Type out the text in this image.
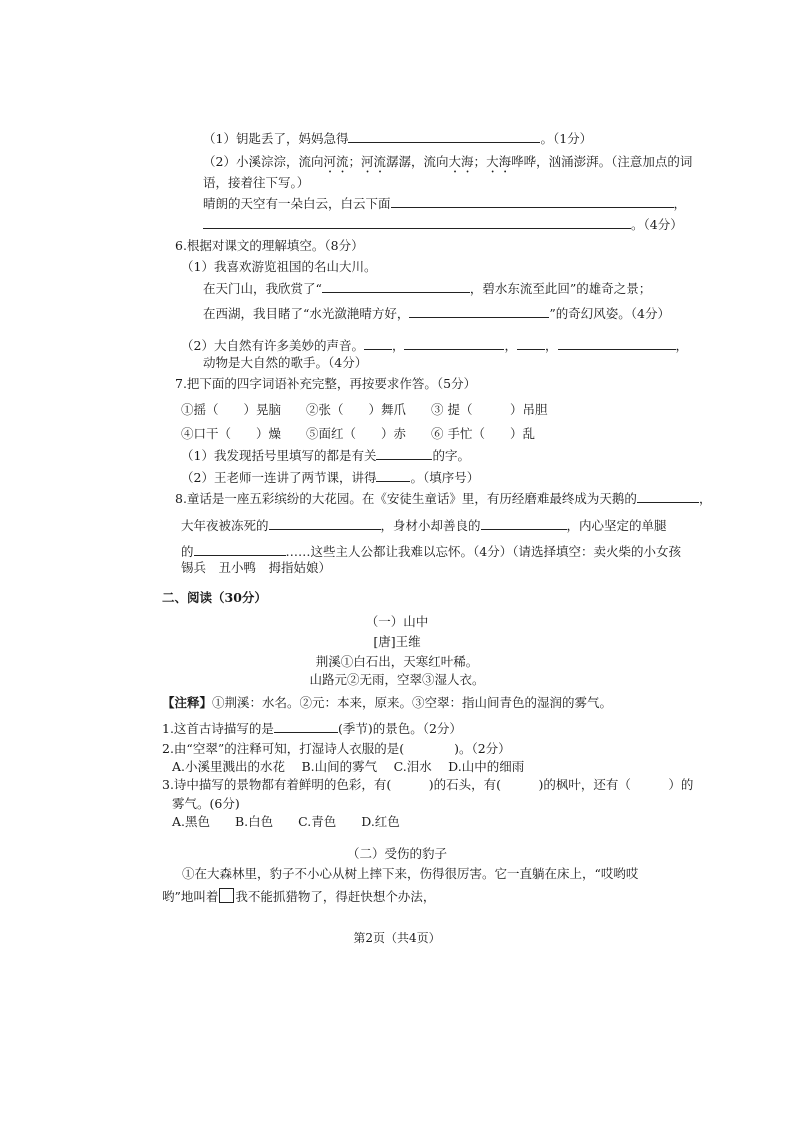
（1）钥匙丢了，妈妈急得	。（1分）
（2）小溪淙淙，流向河流；河流潺潺，流向大海；大海哗哗，汹涌澎湃。（注意加点的词
语，接着往下写。）
晴朗的天空有一朵白云，白云下面	，
。（4分）
6.根据对课文的理解填空。（8分）
（1）我喜欢游览祖国的名山大川。
在天门山，我欣赏了“	，碧水东流至此回”的雄奇之景；
在西湖，我目睹了“水光潋滟晴方好，	”的奇幻风姿。（4分）
（2）大自然有许多美妙的声音。 ，	， ，	，
动物是大自然的歌手。（4分）
7.把下面的四字词语补充完整，再按要求作答。（5分）
①摇（　　）晃脑　　②张（　　）舞爪　　③ 提（　　　）吊胆
④口干（　　）燥　　⑤面红（　　）赤　　⑥ 手忙（　　）乱
（1）我发现括号里填写的都是有关	的字。
（2）王老师一连讲了两节课，讲得	。（填序号）
8.童话是一座五彩缤纷的大花园。在《安徒生童话》里，有历经磨难最终成为天鹅的	，
大年夜被冻死的	，身材小却善良的	，内心坚定的单腿
的	……这些主人公都让我难以忘怀。（4分）（请选择填空：卖火柴的小女孩
锡兵　丑小鸭　拇指姑娘）
二、阅读（30分）
（一）山中
[唐]王维
荆溪①白石出，天寒红叶稀。
山路元②无雨，空翠③湿人衣。
【注释】①荆溪：水名。②元：本来，原来。③空翠：指山间青色的湿润的雾气。
1.这首古诗描写的是	(季节)的景色。（2分）
2.由“空翠”的注释可知，打湿诗人衣服的是(　　　　)。（2分）
A.小溪里溅出的水花　 B.山间的雾气　 C.泪水　 D.山中的细雨
3.诗中描写的景物都有着鲜明的色彩，有(　　　)的石头，有(　　　)的枫叶，还有（　　　）的
雾气。(6分)
A.黑色　　B.白色　　C.青色　　D.红色
（二）受伤的豹子
①在大森林里，豹子不小心从树上摔下来，伤得很厉害。它一直躺在床上，“哎哟哎
哟”地叫着 我不能抓猎物了，得赶快想个办法，
第2页（共4页）
